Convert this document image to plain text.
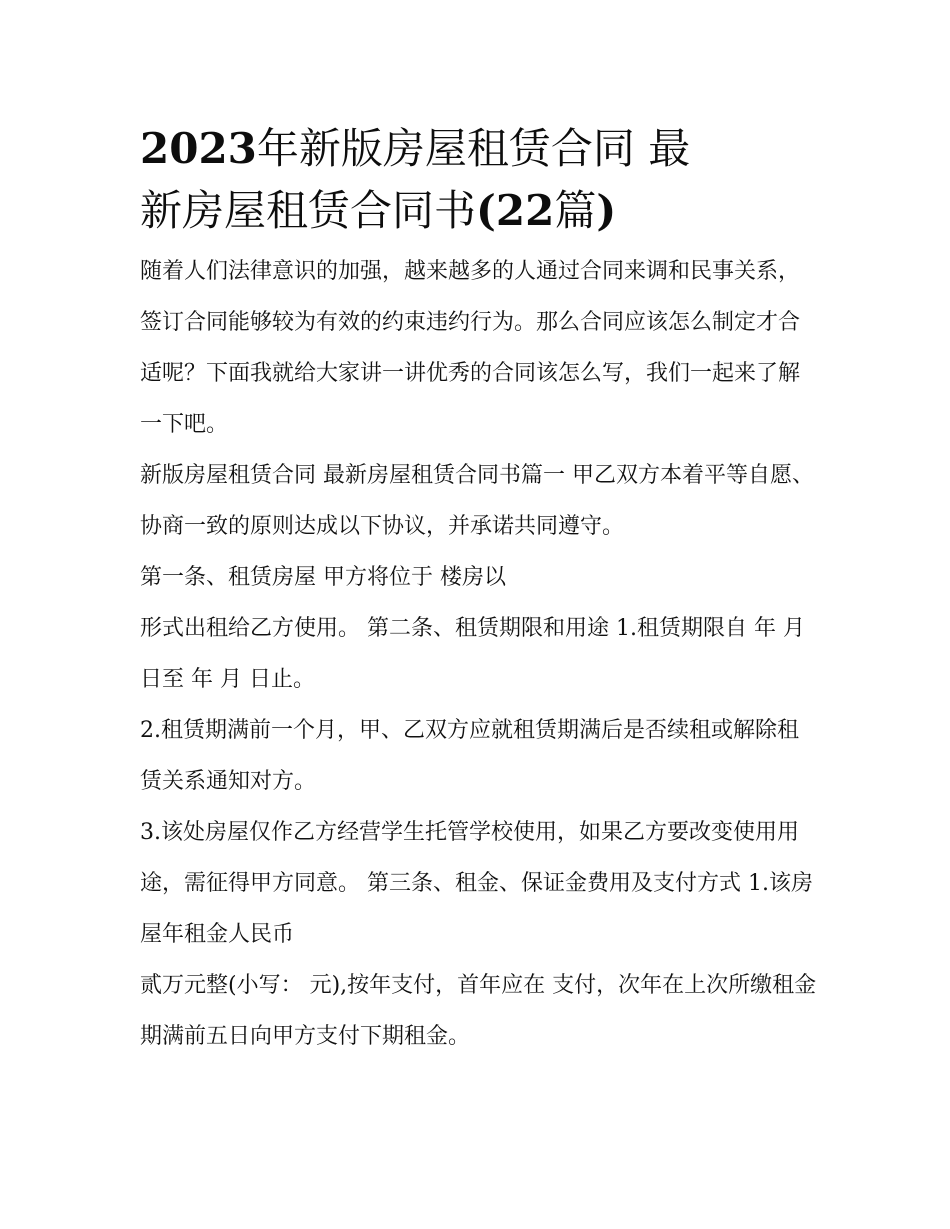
2023年新版房屋租赁合同 最
新房屋租赁合同书(22篇)

随着人们法律意识的加强，越来越多的人通过合同来调和民事关系，签订合同能够较为有效的约束违约行为。那么合同应该怎么制定才合适呢？下面我就给大家讲一讲优秀的合同该怎么写，我们一起来了解一下吧。

新版房屋租赁合同 最新房屋租赁合同书篇一 甲乙双方本着平等自愿、协商一致的原则达成以下协议，并承诺共同遵守。

第一条、租赁房屋 甲方将位于 楼房以

形式出租给乙方使用。 第二条、租赁期限和用途 1.租赁期限自 年 月 日至 年 月 日止。

2.租赁期满前一个月，甲、乙双方应就租赁期满后是否续租或解除租赁关系通知对方。

3.该处房屋仅作乙方经营学生托管学校使用，如果乙方要改变使用用途，需征得甲方同意。 第三条、租金、保证金费用及支付方式 1.该房屋年租金人民币

贰万元整(小写： 元),按年支付，首年应在 支付，次年在上次所缴租金期满前五日向甲方支付下期租金。
